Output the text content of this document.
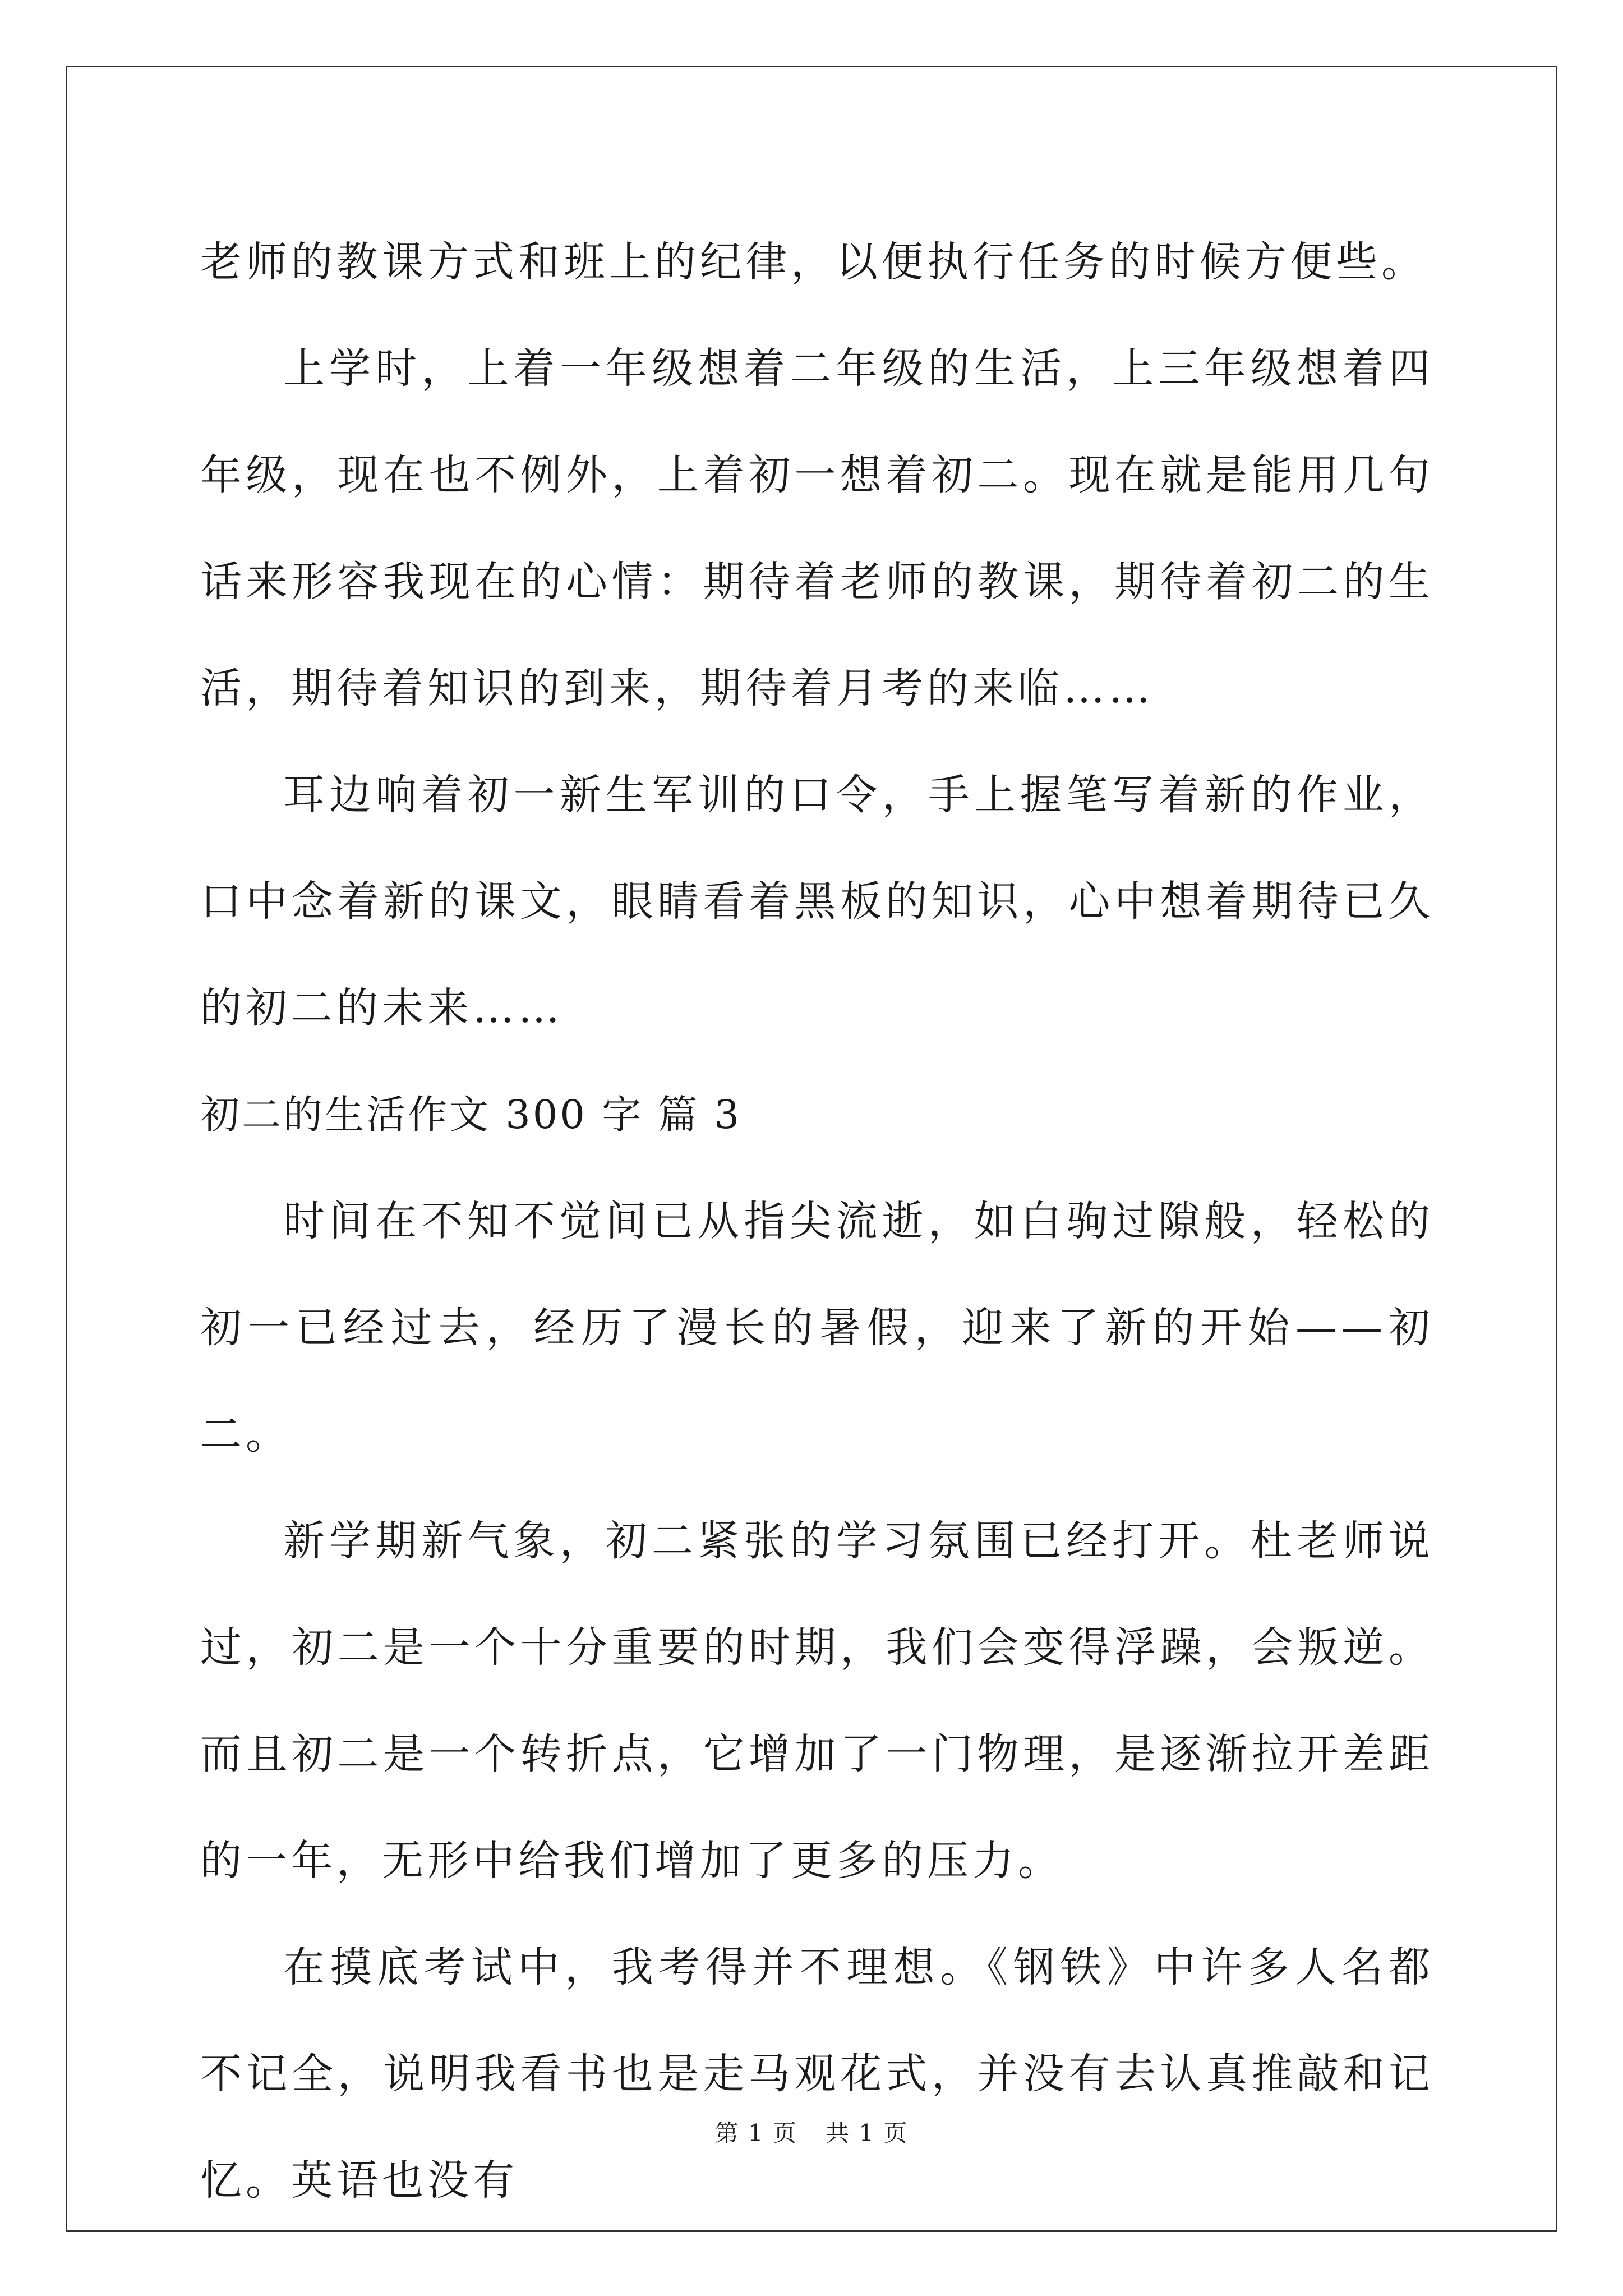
老师的教课方式和班上的纪律，以便执行任务的时候方便些。

上学时，上着一年级想着二年级的生活，上三年级想着四年级，现在也不例外，上着初一想着初二。现在就是能用几句话来形容我现在的心情：期待着老师的教课，期待着初二的生活，期待着知识的到来，期待着月考的来临……

耳边响着初一新生军训的口令，手上握笔写着新的作业，口中念着新的课文，眼睛看着黑板的知识，心中想着期待已久的初二的未来……

初二的生活作文 300 字 篇 3

时间在不知不觉间已从指尖流逝，如白驹过隙般，轻松的初一已经过去，经历了漫长的暑假，迎来了新的开始——初二。

新学期新气象，初二紧张的学习氛围已经打开。杜老师说过，初二是一个十分重要的时期，我们会变得浮躁，会叛逆。而且初二是一个转折点，它增加了一门物理，是逐渐拉开差距的一年，无形中给我们增加了更多的压力。

在摸底考试中，我考得并不理想。《钢铁》中许多人名都不记全，说明我看书也是走马观花式，并没有去认真推敲和记忆。英语也没有

第 1 页 共 1 页
